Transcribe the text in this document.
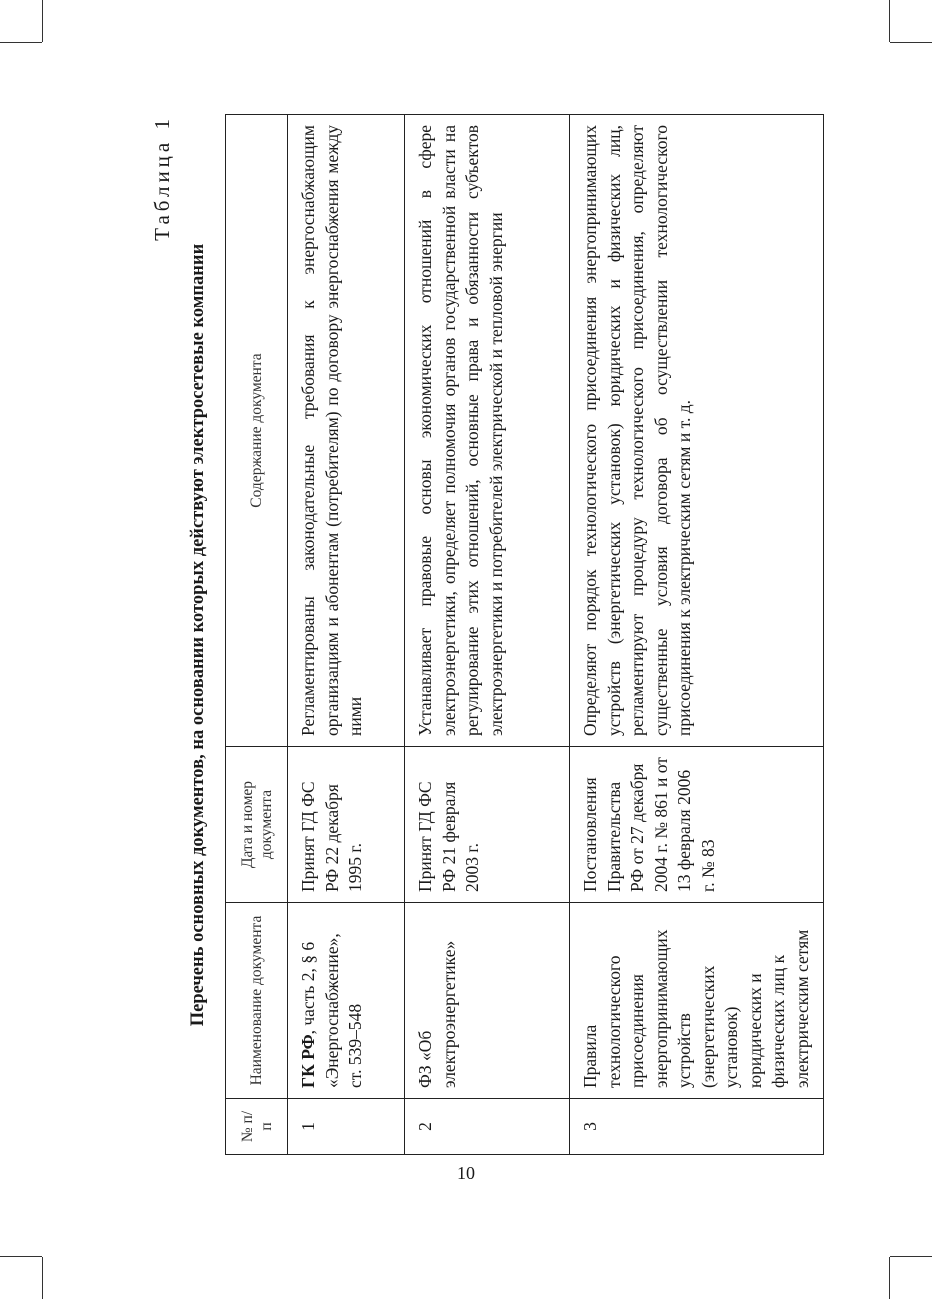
Таблица 1
Перечень основных документов, на основании которых действуют электросетевые компании
№ п/п	Наименование документа	Дата и номер документа	Содержание документа
1	ГК РФ, часть 2, § 6 «Энергоснабжение», ст. 539–548	Принят ГД ФС РФ 22 декабря 1995 г.	Регламентированы законодательные требования к энергоснабжающим организациям и абонентам (потребителям) по договору энергоснабжения между ними
2	ФЗ «Об электроэнергетике»	Принят ГД ФС РФ 21 февраля 2003 г.	Устанавливает правовые основы экономических отношений в сфере электроэнергетики, определяет полномочия органов государственной власти на регулирование этих отношений, основные права и обязанности субъектов электроэнергетики и потребителей электрической и тепловой энергии
3	Правила технологического присоединения энергопринимающих устройств (энергетических установок) юридических и физических лиц к электрическим сетям	Постановления Правительства РФ от 27 декабря 2004 г. № 861 и от 13 февраля 2006 г. № 83	Определяют порядок технологического присоединения энергопринимающих устройств (энергетических установок) юридических и физических лиц, регламентируют процедуру технологического присоединения, определяют существенные условия договора об осуществлении технологического присоединения к электрическим сетям и т. д.
10
